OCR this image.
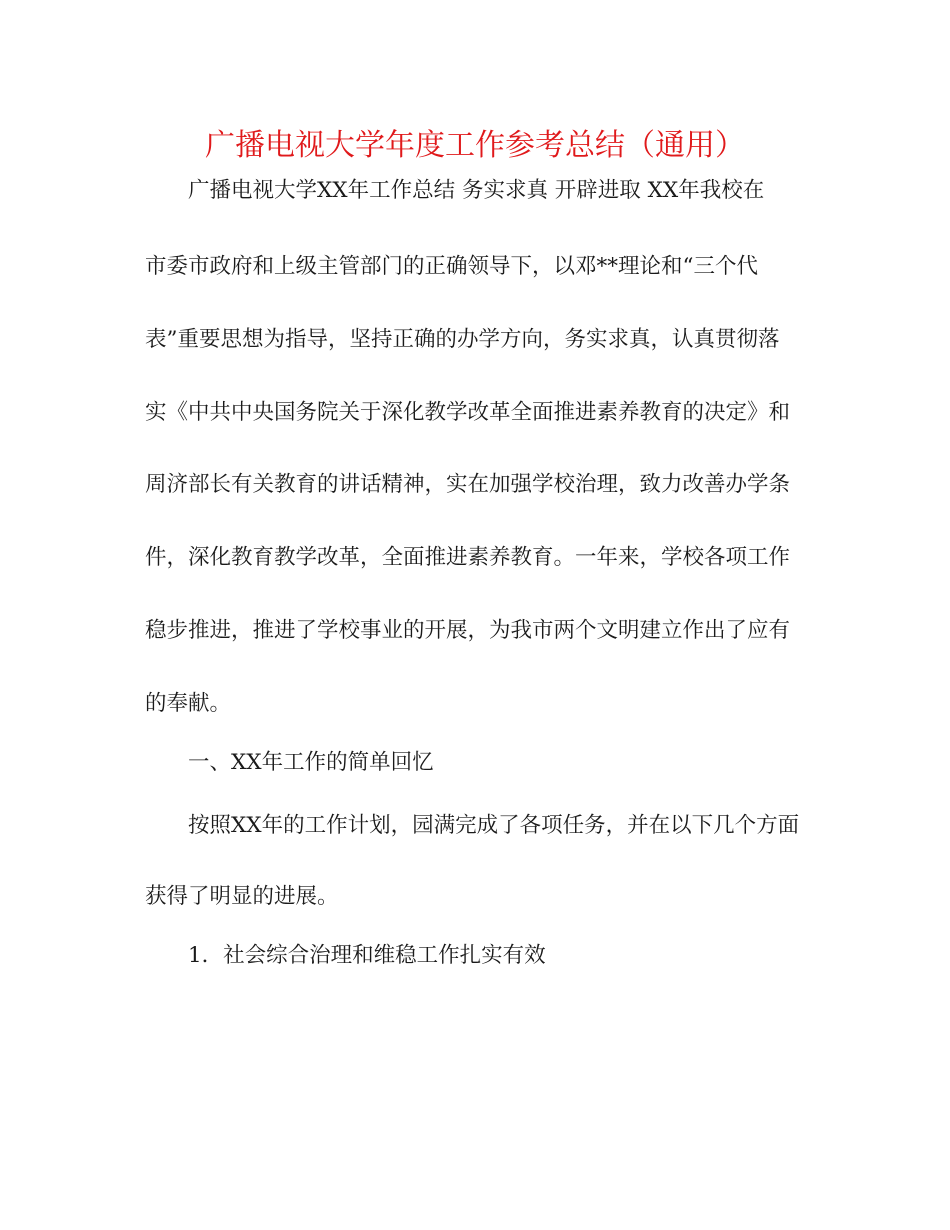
广播电视大学年度工作参考总结（通用）
广播电视大学XX年工作总结 务实求真 开辟进取 XX年我校在
市委市政府和上级主管部门的正确领导下，以邓**理论和“三个代
表”重要思想为指导，坚持正确的办学方向，务实求真，认真贯彻落
实《中共中央国务院关于深化教学改革全面推进素养教育的决定》和
周济部长有关教育的讲话精神，实在加强学校治理，致力改善办学条
件，深化教育教学改革，全面推进素养教育。一年来，学校各项工作
稳步推进，推进了学校事业的开展，为我市两个文明建立作出了应有
的奉献。
一、XX年工作的简单回忆
按照XX年的工作计划，园满完成了各项任务，并在以下几个方面
获得了明显的进展。
1．社会综合治理和维稳工作扎实有效
